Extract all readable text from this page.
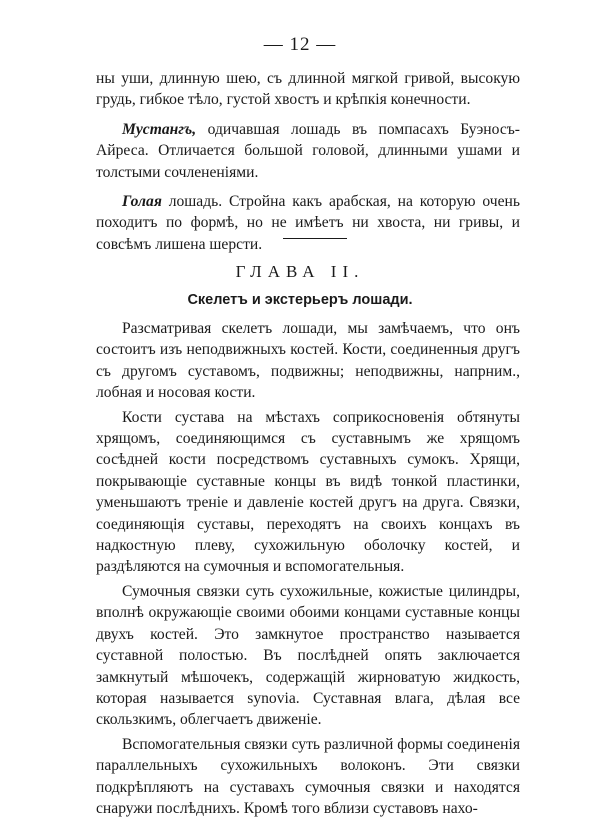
— 12 —

ны уши, длинную шею, съ длинной мягкой гривой, высокую грудь, гибкое тѣло, густой хвостъ и крѣпкія конечности.

Мустангъ, одичавшая лошадь въ помпасахъ Буэносъ-Айреса. Отличается большой головой, длинными ушами и толстыми сочлененіями.

Голая лошадь. Стройна какъ арабская, на которую очень походитъ по формѣ, но не имѣетъ ни хвоста, ни гривы, и совсѣмъ лишена шерсти.

ГЛАВА II.
Скелетъ и экстерьеръ лошади.

Разсматривая скелетъ лошади, мы замѣчаемъ, что онъ состоитъ изъ неподвижныхъ костей. Кости, соединенныя другъ съ другомъ суставомъ, подвижны; неподвижны, напрним., лобная и носовая кости.

Кости сустава на мѣстахъ соприкосновенія обтянуты хрящомъ, соединяющимся съ суставнымъ же хрящомъ сосѣдней кости посредствомъ суставныхъ сумокъ. Хрящи, покрывающіе суставные концы въ видѣ тонкой пластинки, уменьшаютъ треніе и давленіе костей другъ на друга. Связки, соединяющія суставы, переходятъ на своихъ концахъ въ надкостную плеву, сухожильную оболочку костей, и раздѣляются на сумочныя и вспомогательныя.

Сумочныя связки суть сухожильные, кожистые цилиндры, вполнѣ окружающіе своими обоими концами суставные концы двухъ костей. Это замкнутое пространство называется суставной полостью. Въ послѣдней опять заключается замкнутый мѣшочекъ, содержащій жирноватую жидкость, которая называется synovia. Суставная влага, дѣлая все скользкимъ, облегчаетъ движеніе.

Вспомогательныя связки суть различной формы соединенія параллельныхъ сухожильныхъ волоконъ. Эти связки подкрѣпляютъ на суставахъ сумочныя связки и находятся снаружи послѣднихъ. Кромѣ того вблизи суставовъ нахо-
